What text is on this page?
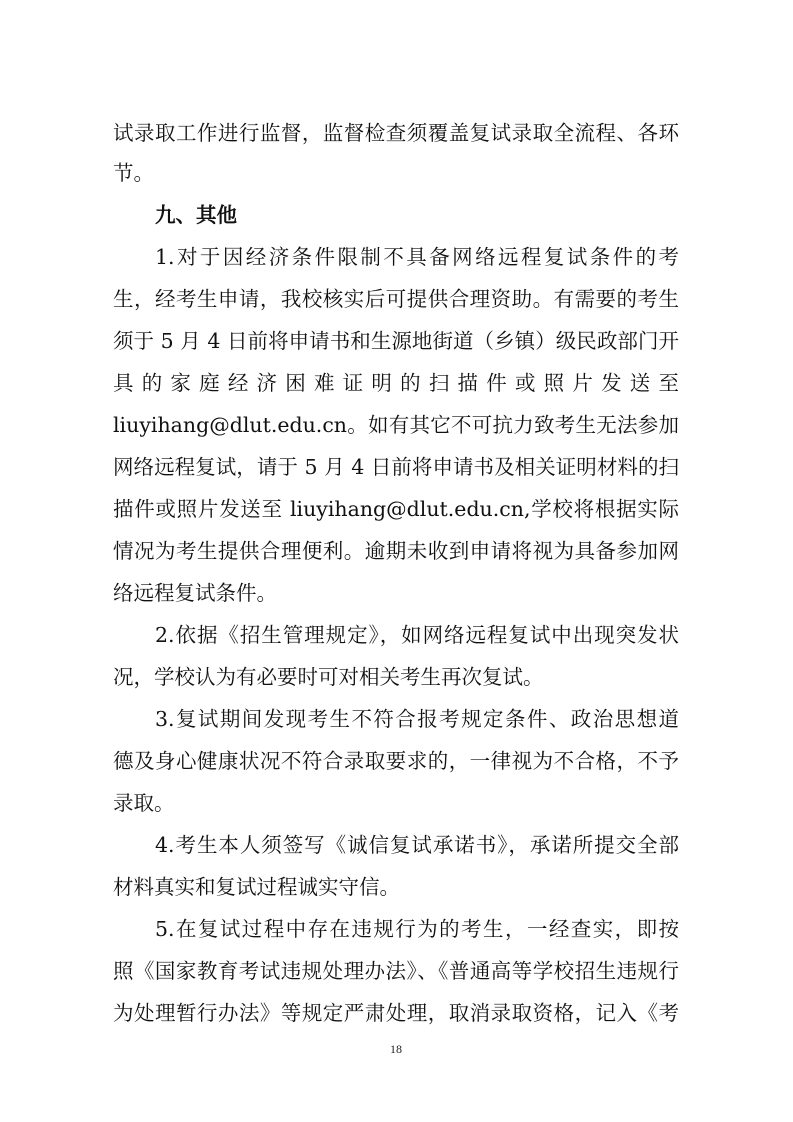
试录取工作进行监督，监督检查须覆盖复试录取全流程、各环
节。
九、其他
1.对于因经济条件限制不具备网络远程复试条件的考
生，经考生申请，我校核实后可提供合理资助。有需要的考生
须于 5 月 4 日前将申请书和生源地街道（乡镇）级民政部门开
具的家庭经济困难证明的扫描件或照片发送至
liuyihang@dlut.edu.cn。如有其它不可抗力致考生无法参加
网络远程复试，请于 5 月 4 日前将申请书及相关证明材料的扫
描件或照片发送至 liuyihang@dlut.edu.cn,学校将根据实际
情况为考生提供合理便利。逾期未收到申请将视为具备参加网
络远程复试条件。
2.依据《招生管理规定》，如网络远程复试中出现突发状
况，学校认为有必要时可对相关考生再次复试。
3.复试期间发现考生不符合报考规定条件、政治思想道
德及身心健康状况不符合录取要求的，一律视为不合格，不予
录取。
4.考生本人须签写《诚信复试承诺书》，承诺所提交全部
材料真实和复试过程诚实守信。
5.在复试过程中存在违规行为的考生，一经查实，即按
照《国家教育考试违规处理办法》、《普通高等学校招生违规行
为处理暂行办法》等规定严肃处理，取消录取资格，记入《考
18
